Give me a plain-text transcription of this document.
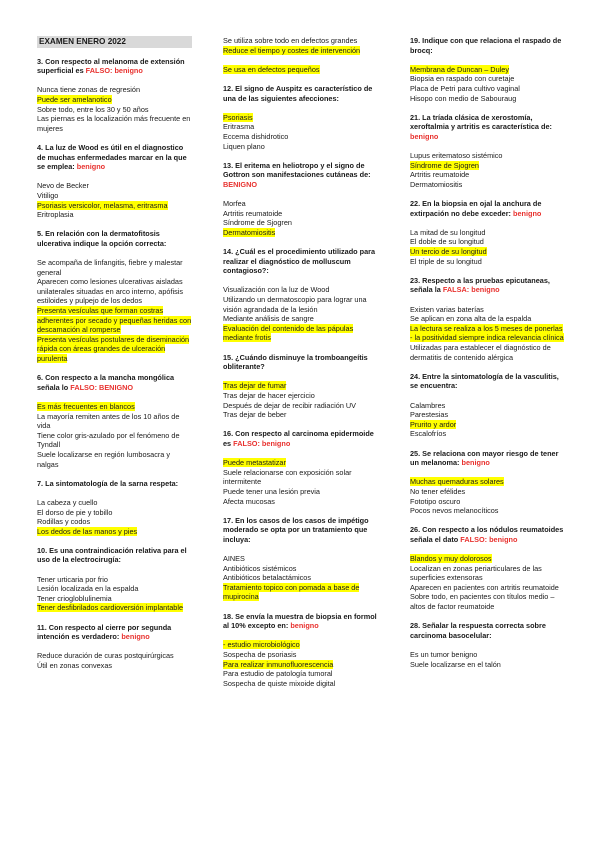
EXAMEN ENERO 2022
3. Con respecto al melanoma de extensión superficial es FALSO: benigno
Nunca tiene zonas de regresión
Puede ser amelanotico
Sobre todo, entre los 30 y 50 años
Las piernas es la localización más frecuente en mujeres
4. La luz de Wood es útil en el diagnostico de muchas enfermedades marcar en la que se emplea: benigno
Nevo de Becker
Vitiligo
Psoriasis versicolor, melasma, eritrasma
Eritroplasia
5. En relación con la dermatofitosis ulcerativa indique la opción correcta:
Se acompaña de linfangitis, fiebre y malestar general
Aparecen como lesiones ulcerativas aisladas unilaterales situadas en arco interno, apófisis estiloides y pulpejo de los dedos
Presenta vesículas que forman costras adherentes por secado y pequeñas heridas con descamación al romperse
Presenta vesículas postulares de diseminación rápida con áreas grandes de ulceración purulenta
6. Con respecto a la mancha mongólica señala lo FALSO: BENIGNO
Es más frecuentes en blancos
La mayoría remiten antes de los 10 años de vida
Tiene color gris-azulado por el fenómeno de Tyndall
Suele localizarse en región lumbosacra y nalgas
7. La sintomatología de la sarna respeta:
La cabeza y cuello
El dorso de pie y tobillo
Rodillas y codos
Los dedos de las manos y pies
10. Es una contraindicación relativa para el uso de la electrocirugía:
Tener urticaria por frio
Lesión localizada en la espalda
Tener criogloblulinemia
Tener desfibrilados cardioversión implantable
11. Con respecto al cierre por segunda intención es verdadero: benigno
Reduce duración de curas postquirúrgicas
Útil en zonas convexas
Se utiliza sobre todo en defectos grandes
Reduce el tiempo y costes de intervención
Se usa en defectos pequeños
12. El signo de Auspitz es característico de una de las siguientes afecciones:
Psoriasis
Eritrasma
Eccema dishidrotico
Liquen plano
13. El eritema en heliotropo y el signo de Gottron son manifestaciones cutáneas de: BENIGNO
Morfea
Artritis reumatoide
Síndrome de Sjogren
Dermatomiositis
14. ¿Cuál es el procedimiento utilizado para realizar el diagnóstico de molluscum contagioso?:
Visualización con la luz de Wood
Utilizando un dermatoscopio para lograr una visión agrandada de la lesión
Mediante análisis de sangre
Evaluación del contenido de las pápulas mediante frotis
15. ¿Cuándo disminuye la tromboangeítis obliterante?
Tras dejar de fumar
Tras dejar de hacer ejercicio
Después de dejar de recibir radiación UV
Tras dejar de beber
16. Con respecto al carcinoma epidermoide es FALSO: benigno
Puede metastatizar
Suele relacionarse con exposición solar intermitente
Puede tener una lesión previa
Afecta mucosas
17. En los casos de los casos de impétigo moderado se opta por un tratamiento que incluya:
AINES
Antibióticos sistémicos
Antibióticos betalactámicos
Tratamiento topico con pomada a base de mupirocina
18. Se envía la muestra de biopsia en formol al 10% excepto en: benigno
- estudio microbiológico
Sospecha de psoriasis
Para realizar inmunofluorescencia
Para estudio de patología tumoral
Sospecha de quiste mixoide digital
19. Indique con que relaciona el raspado de brocq:
Membrana de Duncan – Duley
Biopsia en raspado con curetaje
Placa de Petri para cultivo vaginal
Hisopo con medio de Sabouraug
21. La tríada clásica de xerostomía, xeroftalmia y artritis es característica de: benigno
Lupus eritematoso sistémico
Síndrome de Sjogren
Artritis reumatoide
Dermatomiositis
22. En la biopsia en ojal la anchura de extirpación no debe exceder: benigno
La mitad de su longitud
El doble de su longitud
Un tercio de su longitud
El triple de su longitud
23. Respecto a las pruebas epicutaneas, señala la FALSA: benigno
Existen varias baterías
Se aplican en zona alta de la espalda
La lectura se realiza a los 5 meses de ponerlas - la positividad siempre indica relevancia clínica
Utilizadas para establecer el diagnóstico de dermatitis de contenido alérgica
24. Entre la sintomatología de la vasculitis, se encuentra:
Calambres
Parestesias
Prurito y ardor
Escalofríos
25. Se relaciona con mayor riesgo de tener un melanoma: benigno
Muchas quemaduras solares
No tener efélides
Fototipo oscuro
Pocos nevos melanocíticos
26. Con respecto a los nódulos reumatoides señala el dato FALSO: benigno
Blandos y muy dolorosos
Localizan en zonas periarticulares de las superficies extensoras
Aparecen en pacientes con artritis reumatoide
Sobre todo, en pacientes con títulos medio – altos de factor reumatoide
28. Señalar la respuesta correcta sobre carcinoma basocelular:
Es un tumor benigno
Suele localizarse en el talón
